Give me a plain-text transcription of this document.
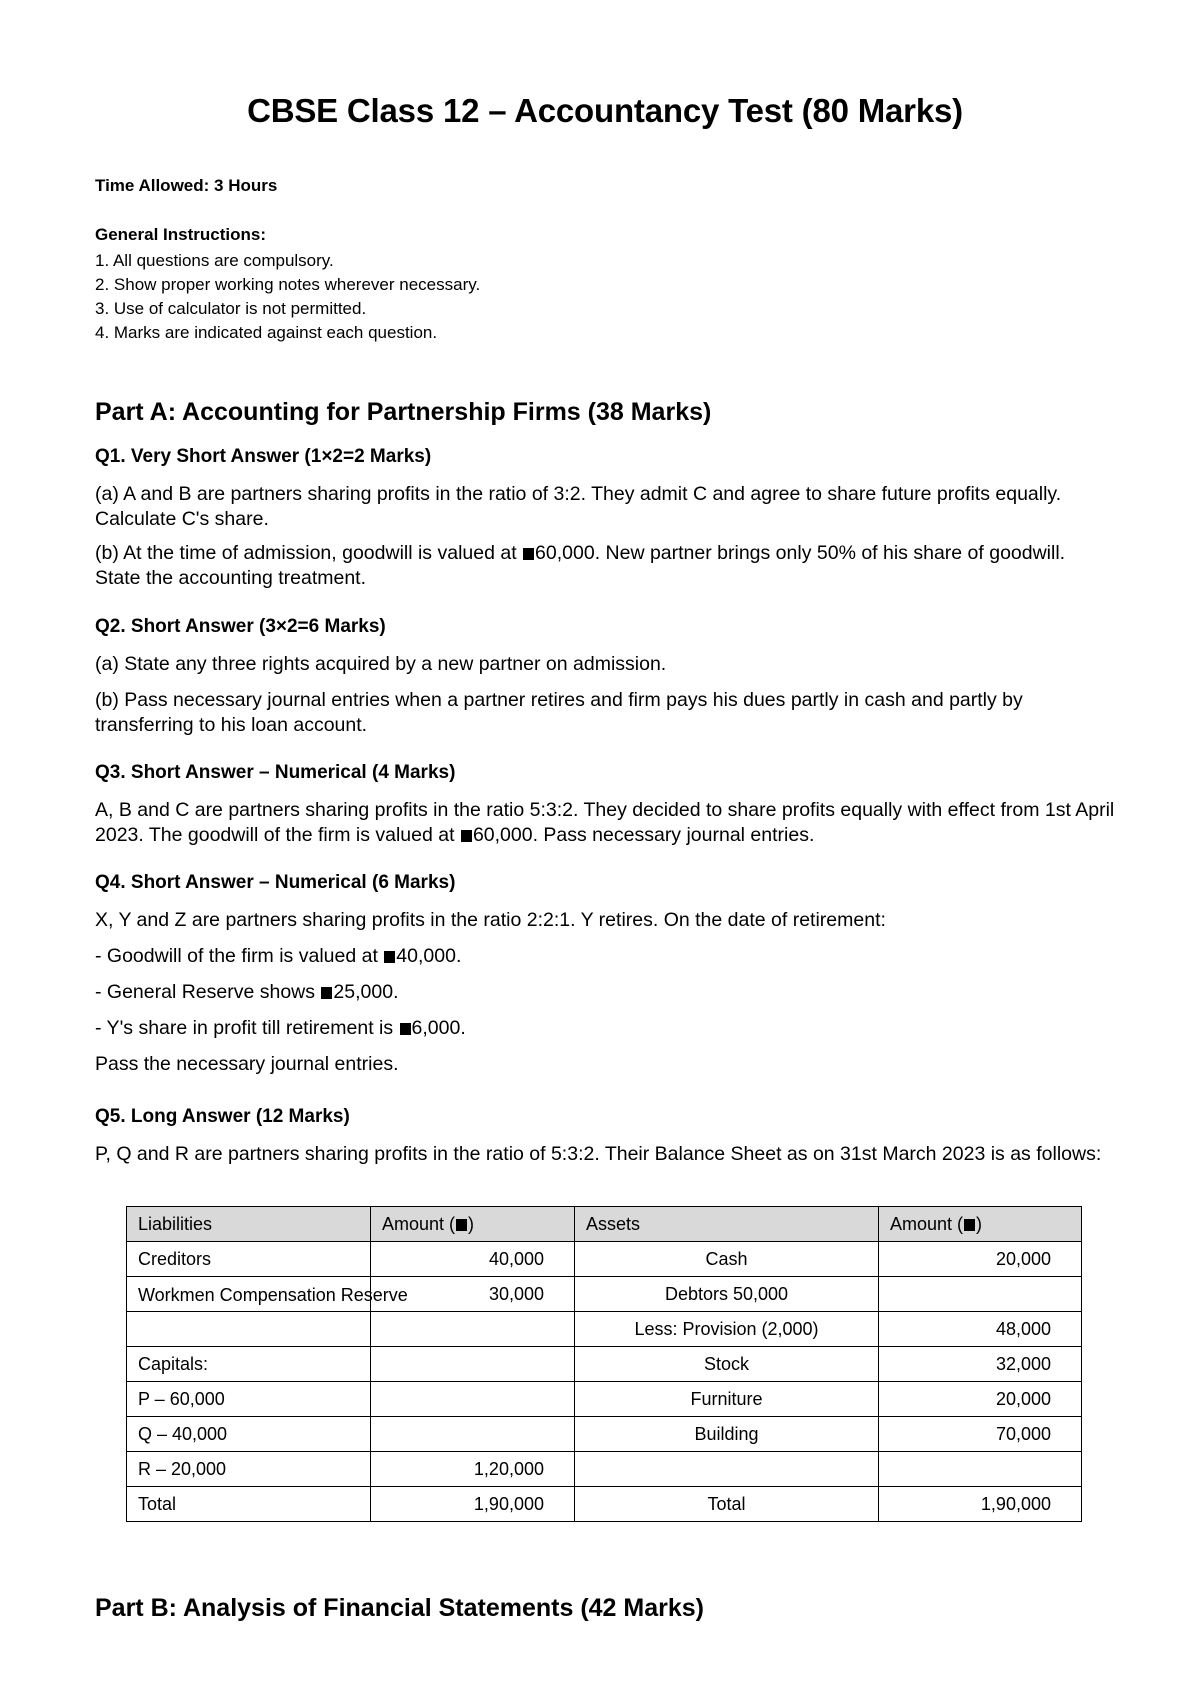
CBSE Class 12 – Accountancy Test (80 Marks)
Time Allowed: 3 Hours
General Instructions:
1. All questions are compulsory.
2. Show proper working notes wherever necessary.
3. Use of calculator is not permitted.
4. Marks are indicated against each question.
Part A: Accounting for Partnership Firms (38 Marks)
Q1. Very Short Answer (1×2=2 Marks)
(a) A and B are partners sharing profits in the ratio of 3:2. They admit C and agree to share future profits equally. Calculate C's share.
(b) At the time of admission, goodwill is valued at 60,000. New partner brings only 50% of his share of goodwill. State the accounting treatment.
Q2. Short Answer (3×2=6 Marks)
(a) State any three rights acquired by a new partner on admission.
(b) Pass necessary journal entries when a partner retires and firm pays his dues partly in cash and partly by transferring to his loan account.
Q3. Short Answer – Numerical (4 Marks)
A, B and C are partners sharing profits in the ratio 5:3:2. They decided to share profits equally with effect from 1st April 2023. The goodwill of the firm is valued at 60,000. Pass necessary journal entries.
Q4. Short Answer – Numerical (6 Marks)
X, Y and Z are partners sharing profits in the ratio 2:2:1. Y retires. On the date of retirement:
- Goodwill of the firm is valued at 40,000.
- General Reserve shows 25,000.
- Y's share in profit till retirement is 6,000.
Pass the necessary journal entries.
Q5. Long Answer (12 Marks)
P, Q and R are partners sharing profits in the ratio of 5:3:2. Their Balance Sheet as on 31st March 2023 is as follows:
Liabilities	Amount ( )	Assets	Amount ( )
Creditors	40,000	Cash	20,000

Workmen Compensation Reserve	30,000	Debtors 50,000	
		Less: Provision (2,000)	48,000
Capitals:		Stock	32,000
P – 60,000		Furniture	20,000
Q – 40,000		Building	70,000
R – 20,000	1,20,000		
Total	1,90,000	Total	1,90,000
Part B: Analysis of Financial Statements (42 Marks)
